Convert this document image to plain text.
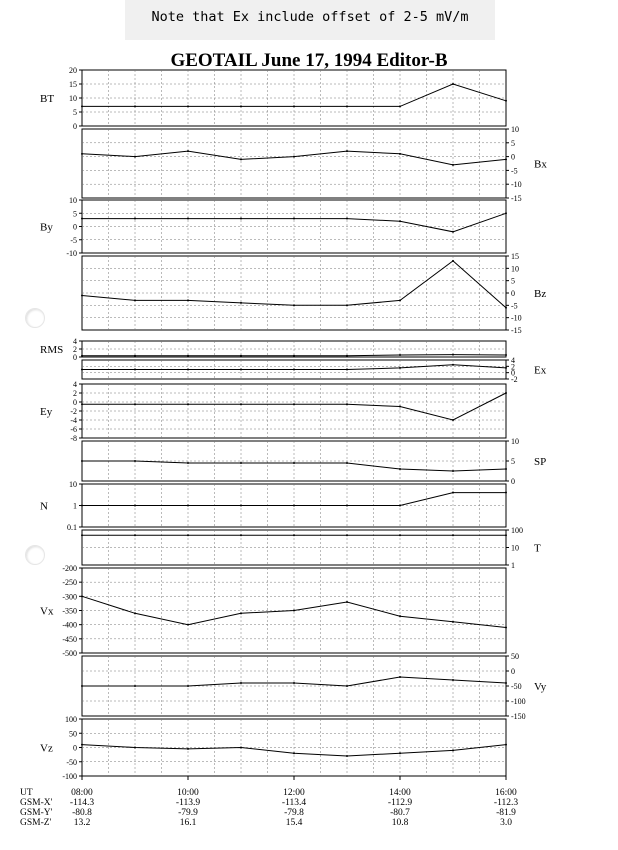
Note that Ex include offset of 2-5 mV/m
GEOTAIL June 17, 1994 Editor-B
20
15
10
5
0
BT
10
5
0
-5
-10
-15
Bx
10
5
0
-5
-10
By
15
10
5
0
-5
-10
-15
Bz
4
2
0
RMS
4
2
0
-2
Ex
4
2
0
-2
-4
-6
-8
Ey
10
5
0
SP
10
1
0.1
N
100
10
1
T
-200
-250
-300
-350
-400
-450
-500
Vx
50
0
-50
-100
-150
Vy
100
50
0
-50
-100
Vz
UT	08:00	10:00	12:00	14:00	16:00
GSM-X' -114.3	-113.9	-113.4	-112.9	-112.3
GSM-Y' -80.8	-79.9	-79.8	-80.7	-81.9
GSM-Z' 13.2	16.1	15.4	10.8	3.0
